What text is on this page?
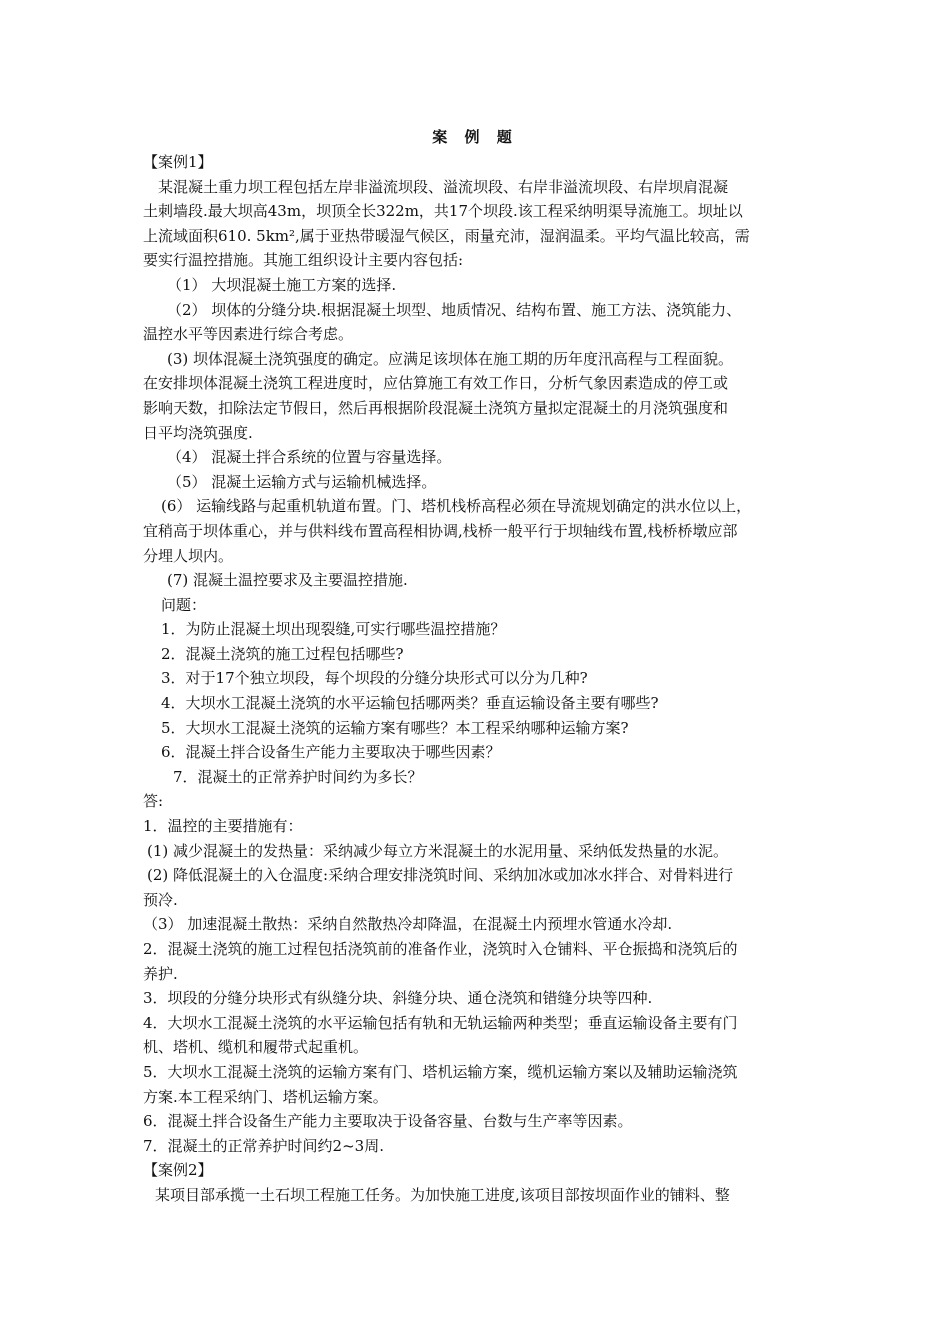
案 例 题

【案例1】

某混凝土重力坝工程包括左岸非溢流坝段、溢流坝段、右岸非溢流坝段、右岸坝肩混凝

土刺墙段.最大坝高43m，坝顶全长322m，共17个坝段.该工程采纳明渠导流施工。坝址以

上流域面积610. 5km²,属于亚热带暖湿气候区，雨量充沛，湿润温柔。平均气温比较高，需

要实行温控措施。其施工组织设计主要内容包括:

（1） 大坝混凝土施工方案的选择.

（2） 坝体的分缝分块.根据混凝土坝型、地质情况、结构布置、施工方法、浇筑能力、

温控水平等因素进行综合考虑。

(3) 坝体混凝土浇筑强度的确定。应满足该坝体在施工期的历年度汛高程与工程面貌。

在安排坝体混凝土浇筑工程进度时，应估算施工有效工作日，分析气象因素造成的停工或

影响天数，扣除法定节假日，然后再根据阶段混凝土浇筑方量拟定混凝土的月浇筑强度和

日平均浇筑强度.

（4） 混凝土拌合系统的位置与容量选择。

（5） 混凝土运输方式与运输机械选择。

(6） 运输线路与起重机轨道布置。门、塔机栈桥高程必须在导流规划确定的洪水位以上，

宜稍高于坝体重心，并与供料线布置高程相协调,栈桥一般平行于坝轴线布置,栈桥桥墩应部

分埋人坝内。

(7) 混凝土温控要求及主要温控措施.

问题：

1．为防止混凝土坝出现裂缝,可实行哪些温控措施？

2．混凝土浇筑的施工过程包括哪些?

3．对于17个独立坝段，每个坝段的分缝分块形式可以分为几种?

4．大坝水工混凝土浇筑的水平运输包括哪两类？垂直运输设备主要有哪些?

5．大坝水工混凝土浇筑的运输方案有哪些？本工程采纳哪种运输方案?

6．混凝土拌合设备生产能力主要取决于哪些因素？

7．混凝土的正常养护时间约为多长？

答:

1．温控的主要措施有：

(1) 减少混凝土的发热量：采纳减少每立方米混凝土的水泥用量、采纳低发热量的水泥。

(2) 降低混凝土的入仓温度:采纳合理安排浇筑时间、采纳加冰或加冰水拌合、对骨料进行

预冷.

（3） 加速混凝土散热：采纳自然散热冷却降温，在混凝土内预埋水管通水冷却.

2．混凝土浇筑的施工过程包括浇筑前的准备作业，浇筑时入仓铺料、平仓振捣和浇筑后的

养护.

3．坝段的分缝分块形式有纵缝分块、斜缝分块、通仓浇筑和错缝分块等四种.

4．大坝水工混凝土浇筑的水平运输包括有轨和无轨运输两种类型；垂直运输设备主要有门

机、塔机、缆机和履带式起重机。

5．大坝水工混凝土浇筑的运输方案有门、塔机运输方案，缆机运输方案以及辅助运输浇筑

方案.本工程采纳门、塔机运输方案。

6．混凝土拌合设备生产能力主要取决于设备容量、台数与生产率等因素。

7．混凝土的正常养护时间约2~3周.

【案例2】

某项目部承揽一土石坝工程施工任务。为加快施工进度,该项目部按坝面作业的铺料、整
